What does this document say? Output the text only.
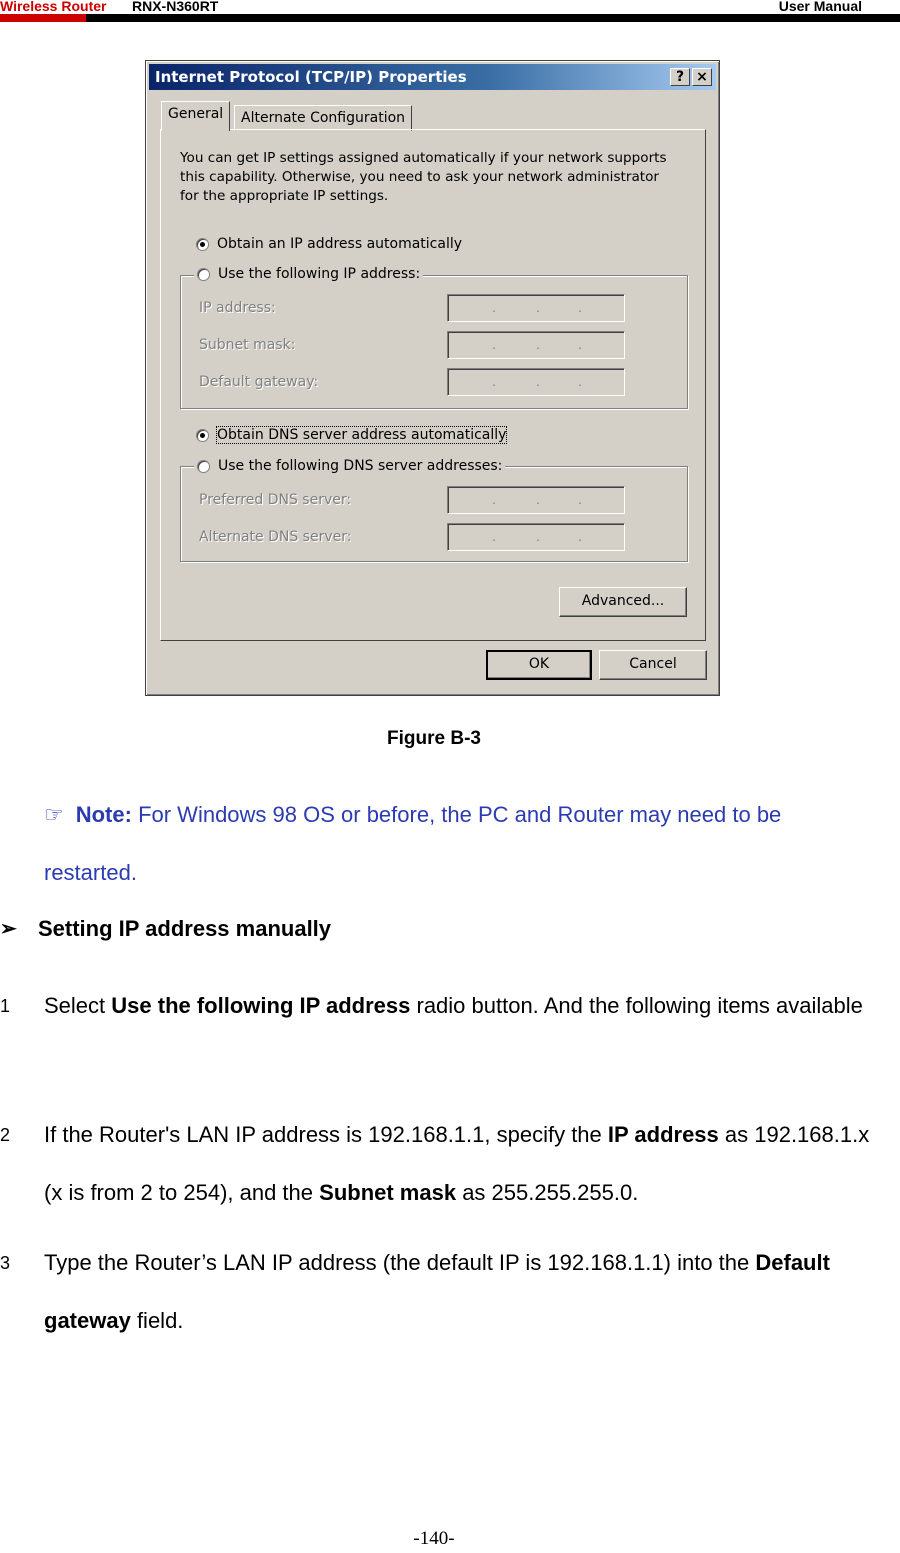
Wireless Router RNX-N360RT	User Manual
Internet Protocol (TCP/IP) Properties	? ×
General	Alternate Configuration
You can get IP settings assigned automatically if your network supports this capability. Otherwise, you need to ask your network administrator for the appropriate IP settings.
Obtain an IP address automatically
IP address:	.	.	.
Subnet mask:	.	.	.
Default gateway:	.	.	.
Use the following IP address:
Obtain DNS server address automatically
Preferred DNS server:	.	.	.
Alternate DNS server:	.	.	.
Use the following DNS server addresses:
Advanced...
OK	Cancel
Figure B-3
☞ Note: For Windows 98 OS or before, the PC and Router may need to be restarted.
➢ Setting IP address manually
1 Select Use the following IP address radio button. And the following items available
2 If the Router's LAN IP address is 192.168.1.1, specify the IP address as 192.168.1.x (x is from 2 to 254), and the Subnet mask as 255.255.255.0.
3 Type the Router’s LAN IP address (the default IP is 192.168.1.1) into the Default gateway field.
-140-
